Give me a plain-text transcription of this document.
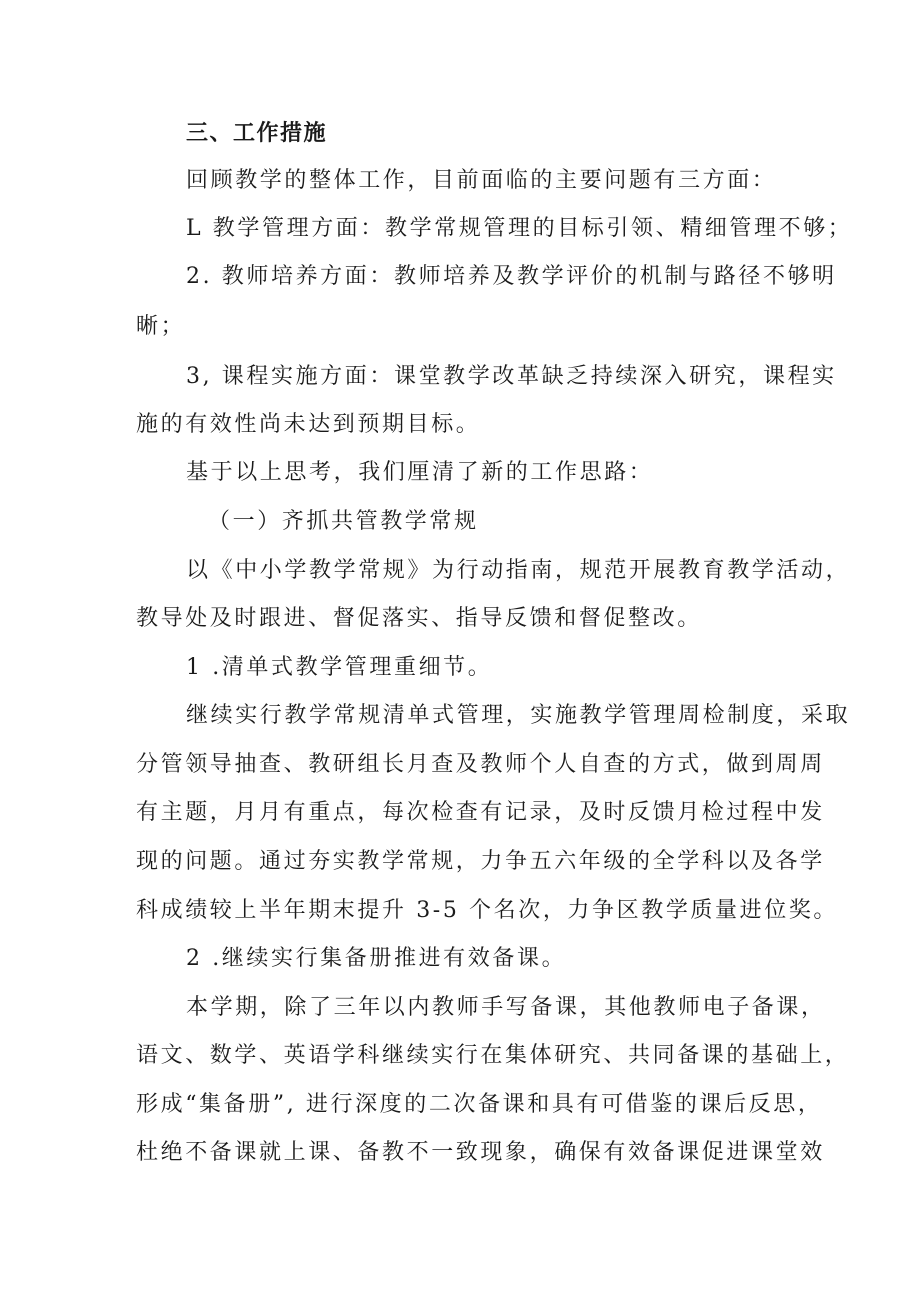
三、工作措施
回顾教学的整体工作，目前面临的主要问题有三方面：
L 教学管理方面：教学常规管理的目标引领、精细管理不够；
2. 教师培养方面：教师培养及教学评价的机制与路径不够明
晰；
3, 课程实施方面：课堂教学改革缺乏持续深入研究，课程实
施的有效性尚未达到预期目标。
基于以上思考，我们厘清了新的工作思路：
（一）齐抓共管教学常规
以《中小学教学常规》为行动指南，规范开展教育教学活动，
教导处及时跟进、督促落实、指导反馈和督促整改。
1 .清单式教学管理重细节。
继续实行教学常规清单式管理，实施教学管理周检制度，采取
分管领导抽查、教研组长月查及教师个人自查的方式，做到周周
有主题，月月有重点，每次检查有记录，及时反馈月检过程中发
现的问题。通过夯实教学常规，力争五六年级的全学科以及各学
科成绩较上半年期末提升 3-5 个名次，力争区教学质量进位奖。
2 .继续实行集备册推进有效备课。
本学期，除了三年以内教师手写备课，其他教师电子备课，
语文、数学、英语学科继续实行在集体研究、共同备课的基础上，
形成“集备册”, 进行深度的二次备课和具有可借鉴的课后反思，
杜绝不备课就上课、备教不一致现象，确保有效备课促进课堂效
